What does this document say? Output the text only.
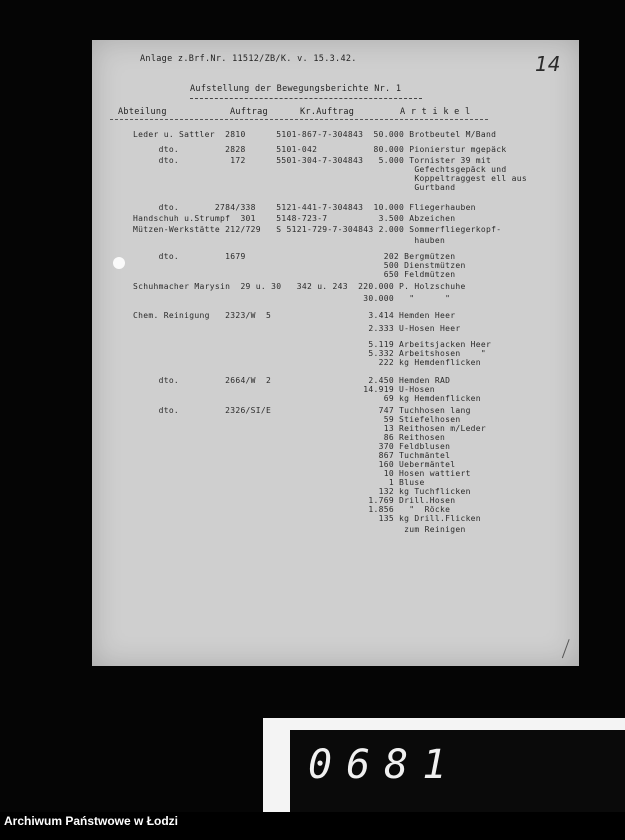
Anlage z.Brf.Nr. 11512/ZB/K. v. 15.3.42.	14
Aufstellung der Bewegungsberichte Nr. 1
Abteilung	Auftrag	Kr.Auftrag	A r t i k e l
Leder u. Sattler  2810      5101-867-7-304843  50.000 Brotbeutel M/Band
dto.         2828      5101-042           80.000 Pionierstur mgepäck
dto.          172      5501-304-7-304843   5.000 Tornister 39 mit
Gefechtsgepäck und
Koppeltraggest ell aus
Gurtband
dto.       2784/338    5121-441-7-304843  10.000 Fliegerhauben
Handschuh u.Strumpf  301    5148-723-7          3.500 Abzeichen
Mützen-Werkstätte 212/729   S 5121-729-7-304843 2.000 Sommerfliegerkopf-
hauben
dto.         1679                           202 Bergmützen
500 Dienstmützen
650 Feldmützen
Schuhmacher Marysin  29 u. 30   342 u. 243  220.000 P. Holzschuhe
30.000   "      "
Chem. Reinigung   2323/W  5                   3.414 Hemden Heer
2.333 U-Hosen Heer
5.119 Arbeitsjacken Heer
5.332 Arbeitshosen    "
222 kg Hemdenflicken
dto.         2664/W  2                   2.450 Hemden RAD
14.919 U-Hosen
69 kg Hemdenflicken
dto.         2326/SI/E                     747 Tuchhosen lang
59 Stiefelhosen
13 Reithosen m/Leder
86 Reithosen
370 Feldblusen
867 Tuchmäntel
160 Uebermäntel
10 Hosen wattiert
1 Bluse
132 kg Tuchflicken
1.769 Drill.Hosen
1.856   "  Röcke
135 kg Drill.Flicken
zum Reinigen
0681
Archiwum Państwowe w Łodzi
